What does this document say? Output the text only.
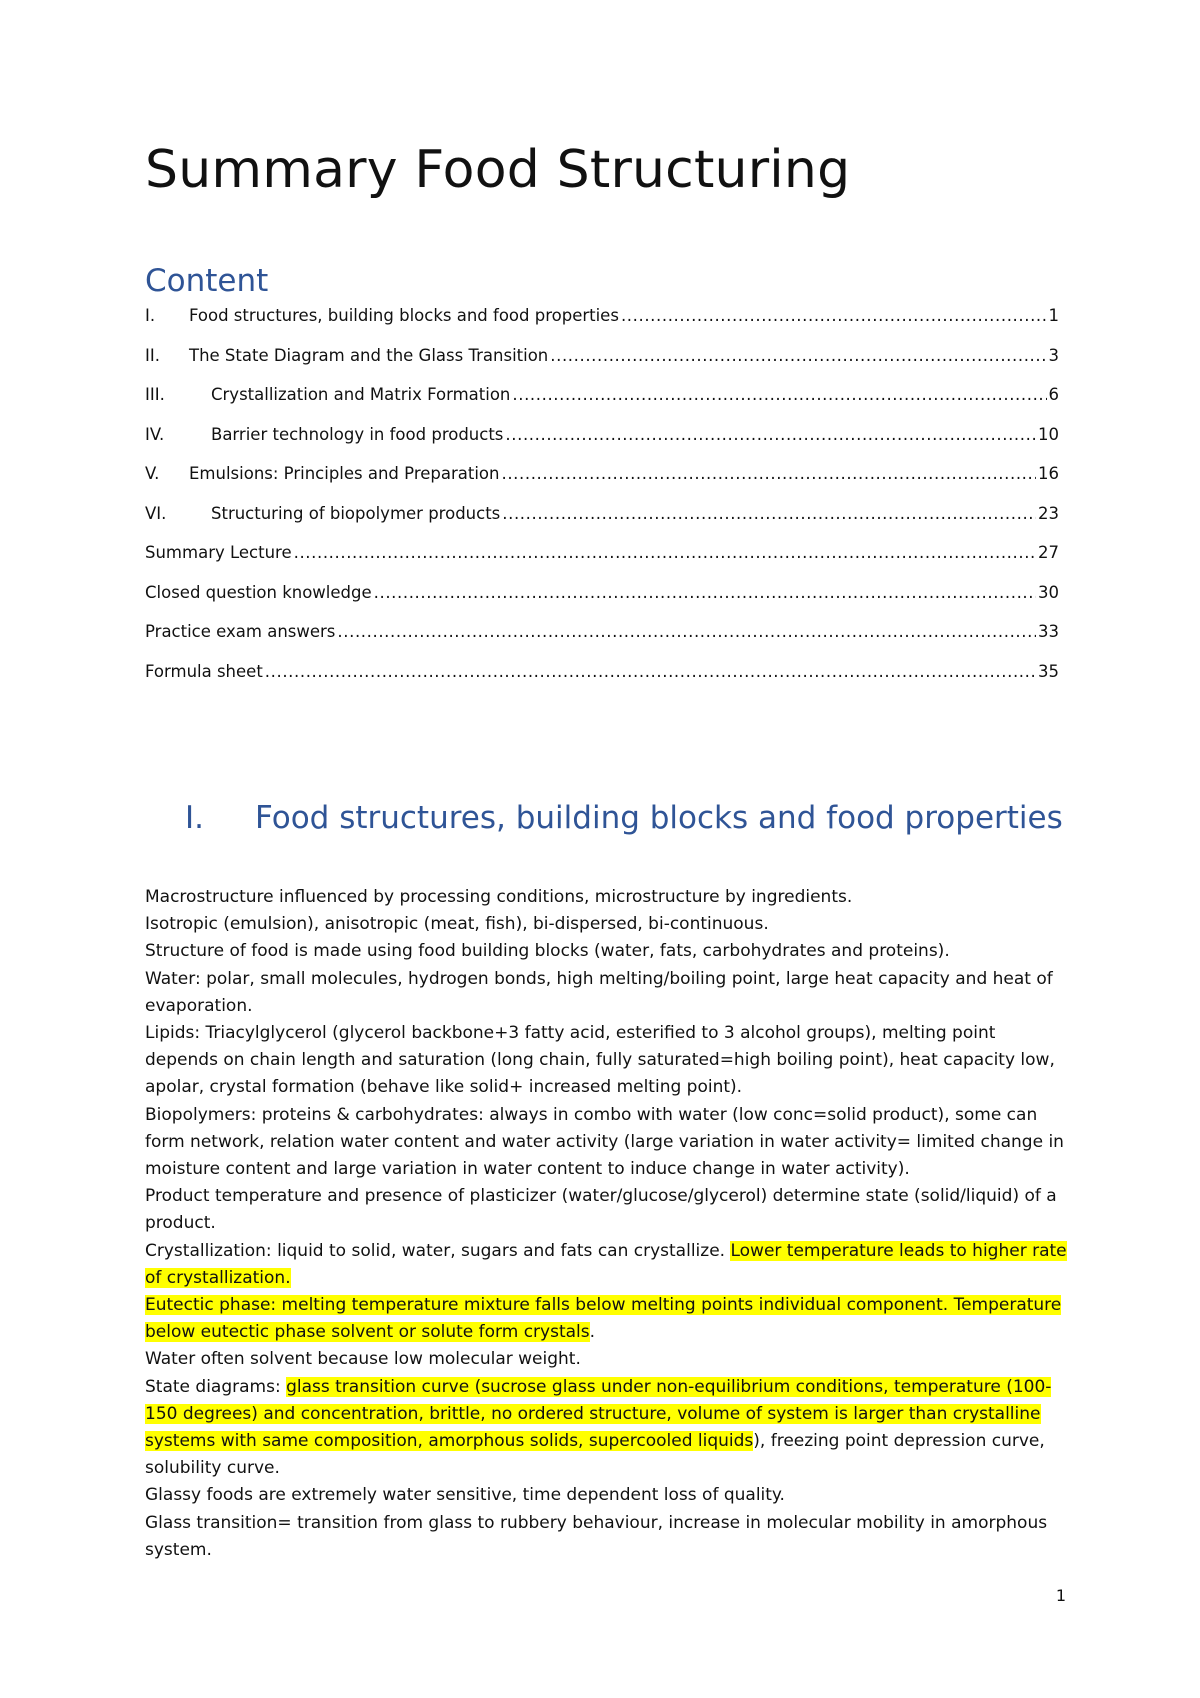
Summary Food Structuring
Content
I.	Food structures, building blocks and food properties .....	1
II.	The State Diagram and the Glass Transition .....	3
III.	Crystallization and Matrix Formation .....	6
IV.	Barrier technology in food products .....	10
V.	Emulsions: Principles and Preparation .....	16
VI.	Structuring of biopolymer products .....	23
Summary Lecture .....	27
Closed question knowledge .....	30
Practice exam answers .....	33
Formula sheet .....	35
I.	Food structures, building blocks and food properties

Macrostructure influenced by processing conditions, microstructure by ingredients.

Isotropic (emulsion), anisotropic (meat, fish), bi-dispersed, bi-continuous.

Structure of food is made using food building blocks (water, fats, carbohydrates and proteins).

Water: polar, small molecules, hydrogen bonds, high melting/boiling point, large heat capacity and heat of evaporation.

Lipids: Triacylglycerol (glycerol backbone+3 fatty acid, esterified to 3 alcohol groups), melting point depends on chain length and saturation (long chain, fully saturated=high boiling point), heat capacity low, apolar, crystal formation (behave like solid+ increased melting point).

Biopolymers: proteins & carbohydrates: always in combo with water (low conc=solid product), some can form network, relation water content and water activity (large variation in water activity= limited change in moisture content and large variation in water content to induce change in water activity).

Product temperature and presence of plasticizer (water/glucose/glycerol) determine state (solid/liquid) of a product.

Crystallization: liquid to solid, water, sugars and fats can crystallize. Lower temperature leads to higher rate of crystallization.

Eutectic phase: melting temperature mixture falls below melting points individual component. Temperature below eutectic phase solvent or solute form crystals.

Water often solvent because low molecular weight.

State diagrams: glass transition curve (sucrose glass under non-equilibrium conditions, temperature (100-150 degrees) and concentration, brittle, no ordered structure, volume of system is larger than crystalline systems with same composition, amorphous solids, supercooled liquids), freezing point depression curve, solubility curve.

Glassy foods are extremely water sensitive, time dependent loss of quality.

Glass transition= transition from glass to rubbery behaviour, increase in molecular mobility in amorphous system.

1
